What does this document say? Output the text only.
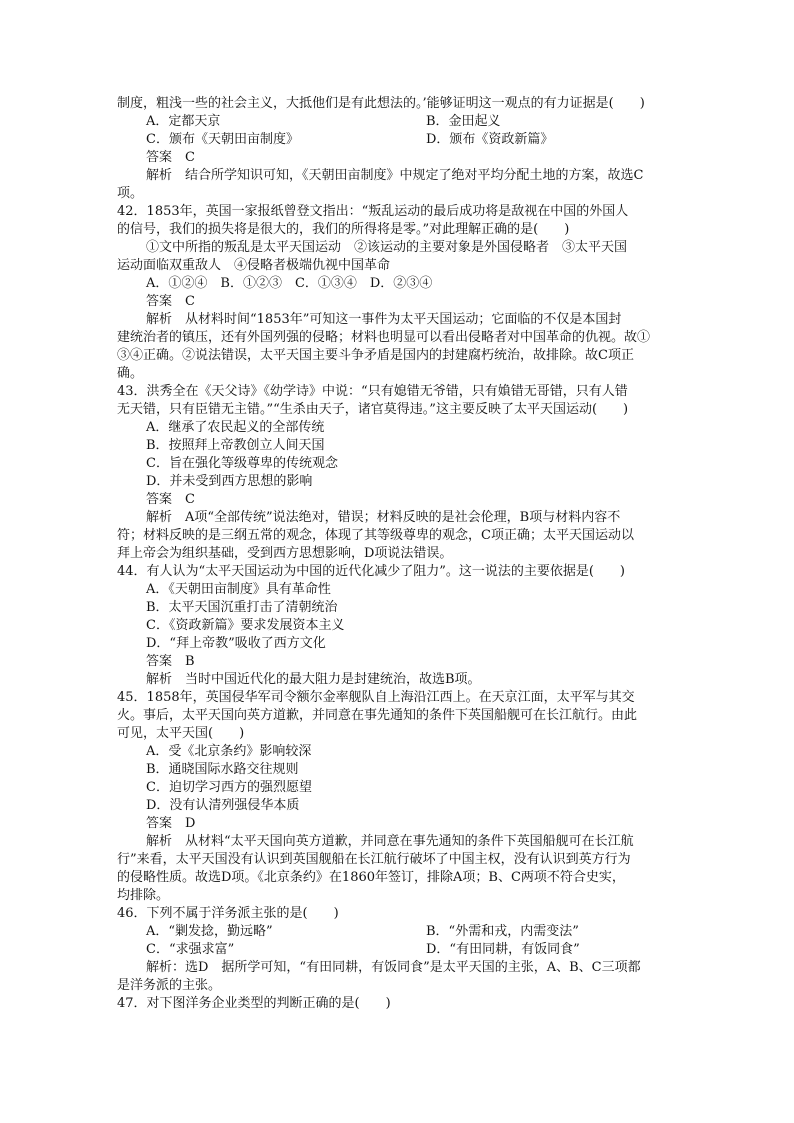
制度，粗浅一些的社会主义，大抵他们是有此想法的。’能够证明这一观点的有力证据是(　　)
A．定都天京	B．金田起义
C．颁布《天朝田亩制度》	D．颁布《资政新篇》
答案　C
解析　结合所学知识可知，《天朝田亩制度》中规定了绝对平均分配土地的方案，故选C
项。
42．1853年，英国一家报纸曾登文指出：“叛乱运动的最后成功将是敌视在中国的外国人
的信号，我们的损失将是很大的，我们的所得将是零。”对此理解正确的是(　　)
①文中所指的叛乱是太平天国运动　②该运动的主要对象是外国侵略者　③太平天国
运动面临双重敌人　④侵略者极端仇视中国革命
A．①②④　B．①②③　C．①③④　D．②③④
答案　C
解析　从材料时间“1853年”可知这一事件为太平天国运动；它面临的不仅是本国封
建统治者的镇压，还有外国列强的侵略；材料也明显可以看出侵略者对中国革命的仇视。故①
③④正确。②说法错误，太平天国主要斗争矛盾是国内的封建腐朽统治，故排除。故C项正
确。
43．洪秀全在《天父诗》《幼学诗》中说：“只有媳错无爷错，只有媍错无哥错，只有人错
无天错，只有臣错无主错。”“生杀由天子，诸官莫得违。”这主要反映了太平天国运动(　　)
A．继承了农民起义的全部传统
B．按照拜上帝教创立人间天国
C．旨在强化等级尊卑的传统观念
D．并未受到西方思想的影响
答案　C
解析　A项“全部传统”说法绝对，错误；材料反映的是社会伦理，B项与材料内容不
符；材料反映的是三纲五常的观念，体现了其等级尊卑的观念，C项正确；太平天国运动以
拜上帝会为组织基础，受到西方思想影响，D项说法错误。
44．有人认为“太平天国运动为中国的近代化减少了阻力”。这一说法的主要依据是(　　)
A．《天朝田亩制度》具有革命性
B．太平天国沉重打击了清朝统治
C．《资政新篇》要求发展资本主义
D．“拜上帝教”吸收了西方文化
答案　B
解析　当时中国近代化的最大阻力是封建统治，故选B项。
45．1858年，英国侵华军司令额尔金率舰队自上海沿江西上。在天京江面，太平军与其交
火。事后，太平天国向英方道歉，并同意在事先通知的条件下英国船舰可在长江航行。由此
可见，太平天国(　　)
A．受《北京条约》影响较深
B．通晓国际水路交往规则
C．迫切学习西方的强烈愿望
D．没有认清列强侵华本质
答案　D
解析　从材料“太平天国向英方道歉，并同意在事先通知的条件下英国船舰可在长江航
行”来看，太平天国没有认识到英国舰船在长江航行破坏了中国主权，没有认识到英方行为
的侵略性质。故选D项。《北京条约》在1860年签订，排除A项；B、C两项不符合史实，
均排除。
46．下列不属于洋务派主张的是(　　)
A．“剿发捻，勤远略”	B．“外需和戎，内需变法”
C．“求强求富”	D．“有田同耕，有饭同食”
解析：选D　据所学可知，“有田同耕，有饭同食”是太平天国的主张，A、B、C三项都
是洋务派的主张。
47．对下图洋务企业类型的判断正确的是(　　)
